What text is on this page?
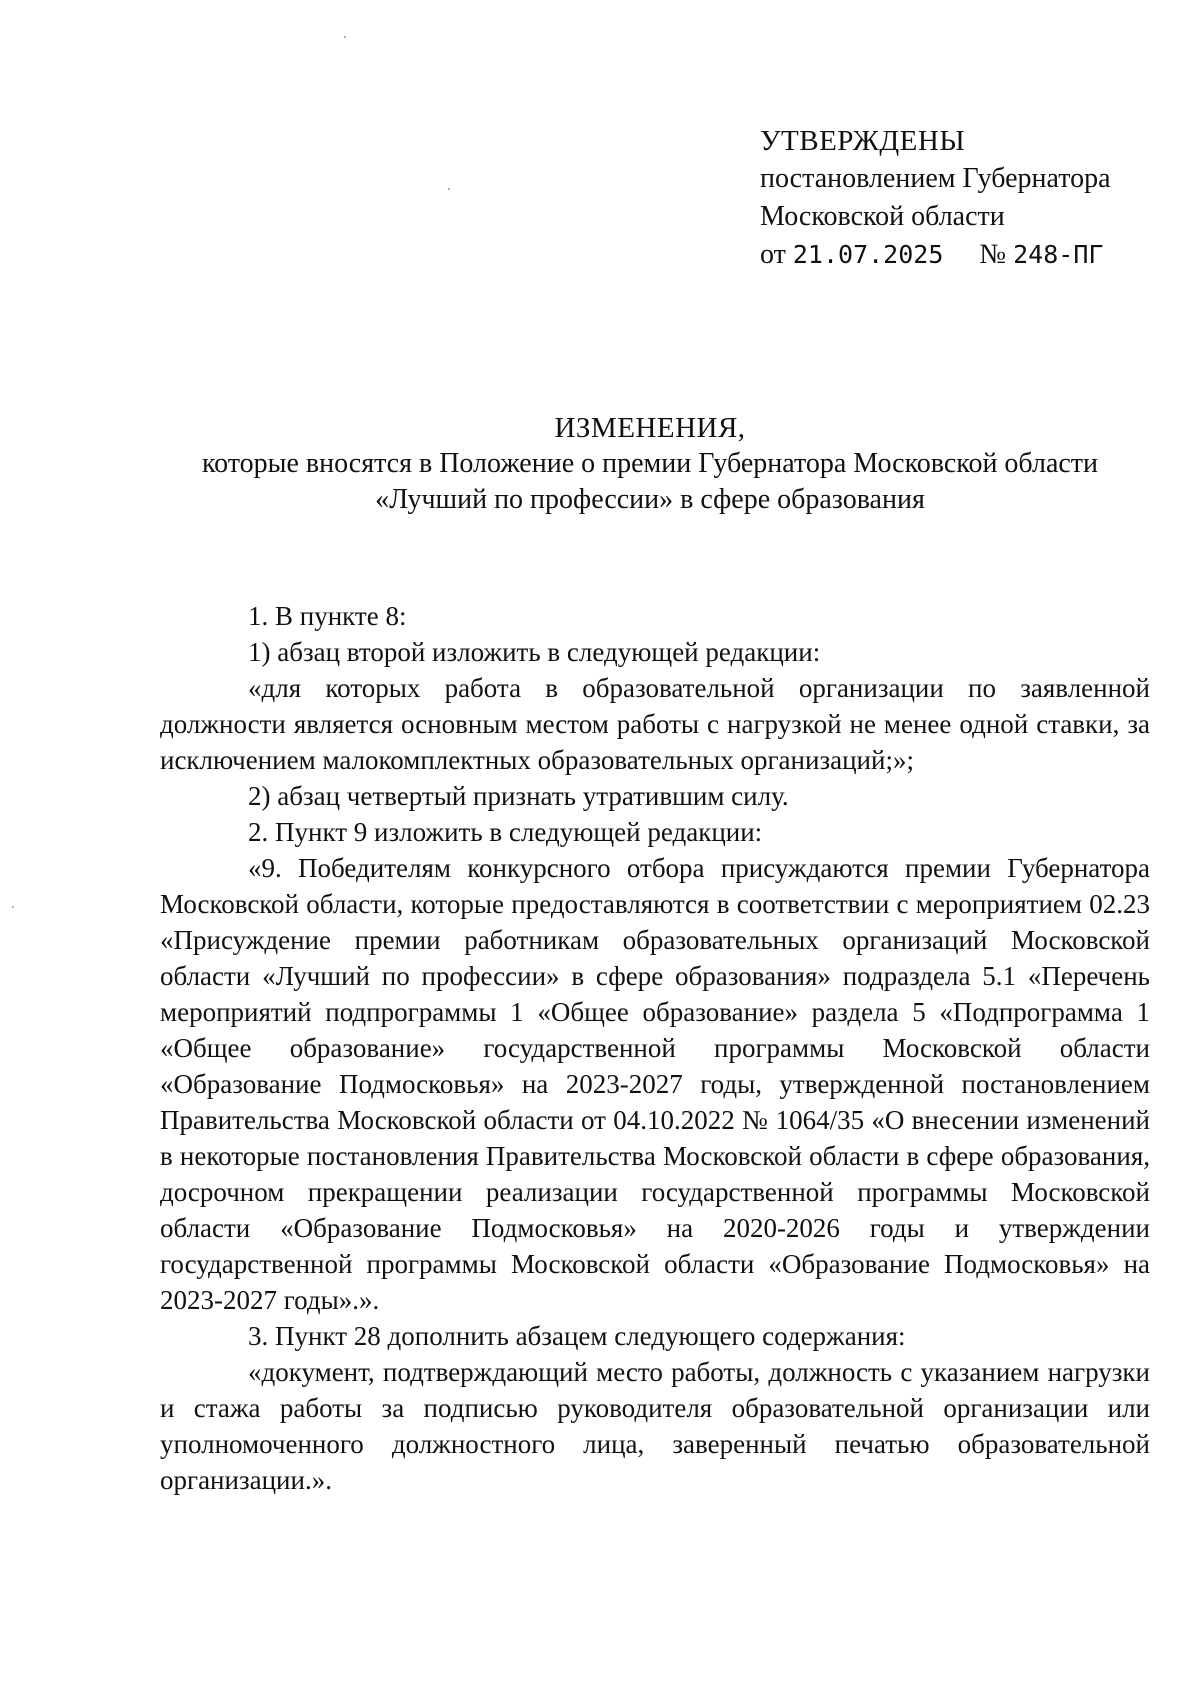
УТВЕРЖДЕНЫ
постановлением Губернатора
Московской области
от 21.07.2025 № 248-ПГ
ИЗМЕНЕНИЯ,
которые вносятся в Положение о премии Губернатора Московской области
«Лучший по профессии» в сфере образования

1. В пункте 8:

1) абзац второй изложить в следующей редакции:

«для которых работа в образовательной организации по заявленной должности является основным местом работы с нагрузкой не менее одной ставки, за исключением малокомплектных образовательных организаций;»;

2) абзац четвертый признать утратившим силу.

2. Пункт 9 изложить в следующей редакции:

«9. Победителям конкурсного отбора присуждаются премии Губернатора Московской области, которые предоставляются в соответствии с мероприятием 02.23 «Присуждение премии работникам образовательных организаций Московской области «Лучший по профессии» в сфере образования» подраздела 5.1 «Перечень мероприятий подпрограммы 1 «Общее образование» раздела 5 «Подпрограмма 1 «Общее образование» государственной программы Московской области «Образование Подмосковья» на 2023-2027 годы, утвержденной постановлением Правительства Московской области от 04.10.2022 № 1064/35 «О внесении изменений в некоторые постановления Правительства Московской области в сфере образования, досрочном прекращении реализации государственной программы Московской области «Образование Подмосковья» на 2020-2026 годы и утверждении государственной программы Московской области «Образование Подмосковья» на 2023-2027 годы».».

3. Пункт 28 дополнить абзацем следующего содержания:

«документ, подтверждающий место работы, должность с указанием нагрузки и стажа работы за подписью руководителя образовательной организации или уполномоченного должностного лица, заверенный печатью образовательной организации.».
